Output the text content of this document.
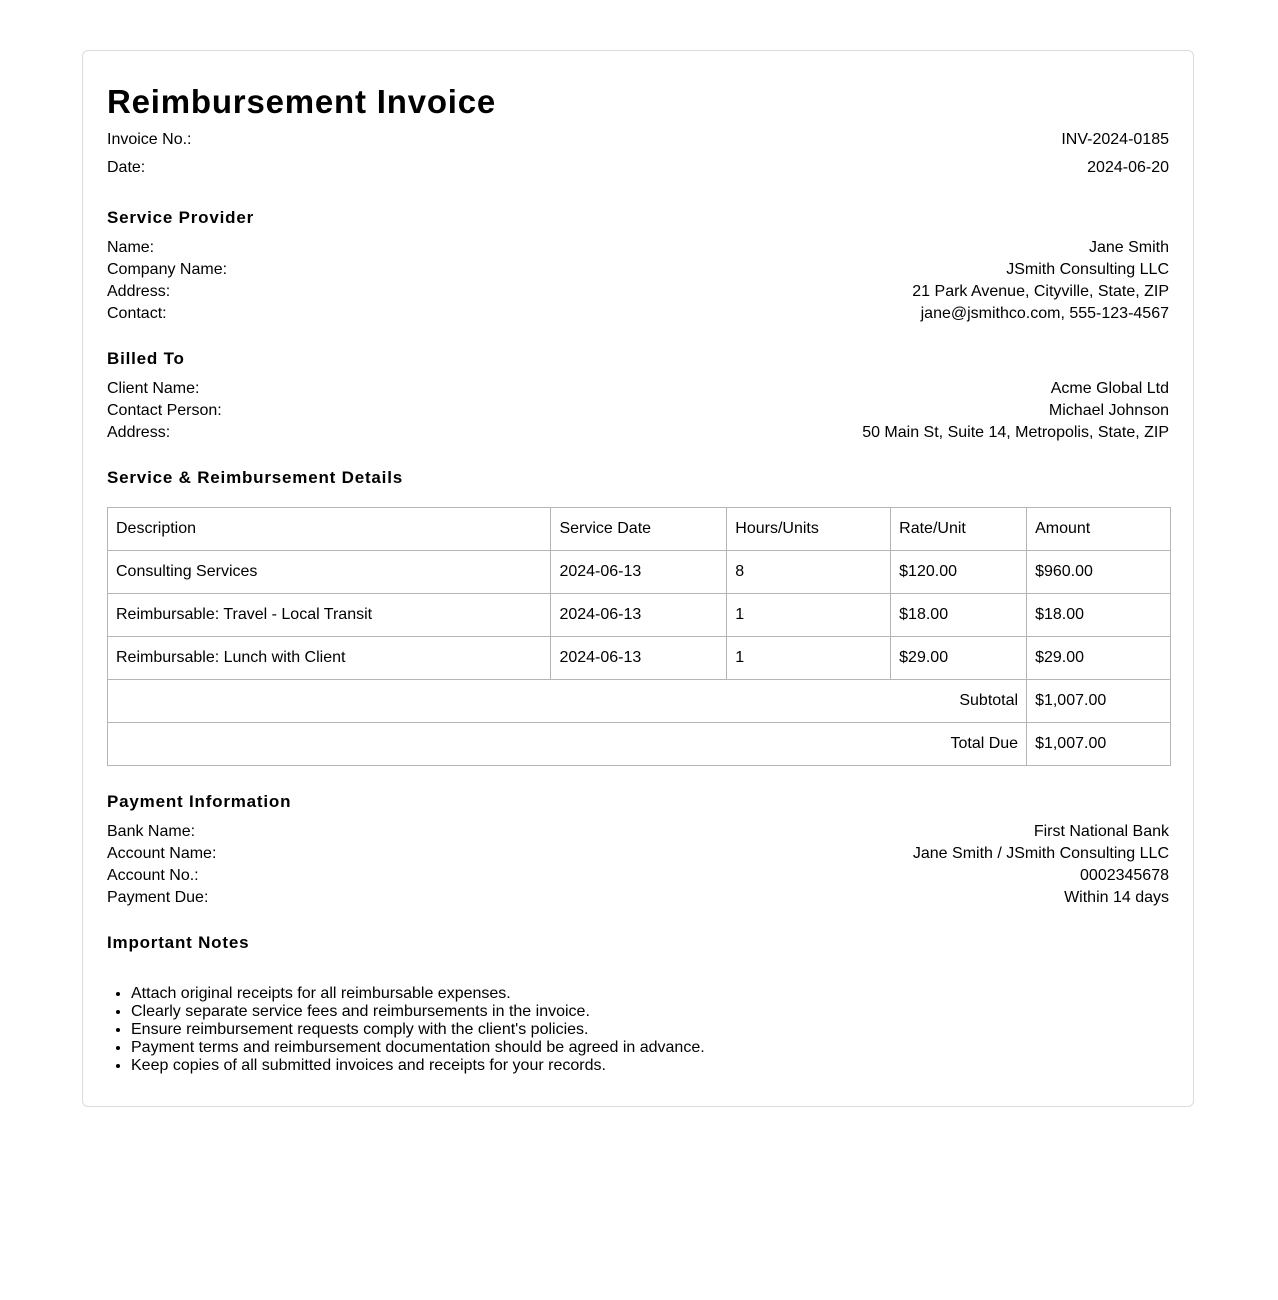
Reimbursement Invoice
Invoice No.:	INV-2024-0185
Date:	2024-06-20
Service Provider
Name:	Jane Smith
Company Name:	JSmith Consulting LLC
Address:	21 Park Avenue, Cityville, State, ZIP
Contact:	jane@jsmithco.com, 555-123-4567
Billed To
Client Name:	Acme Global Ltd
Contact Person:	Michael Johnson
Address:	50 Main St, Suite 14, Metropolis, State, ZIP
Service & Reimbursement Details
Description	Service Date	Hours/Units	Rate/Unit	Amount
Consulting Services	2024-06-13	8	$120.00	$960.00
Reimbursable: Travel - Local Transit	2024-06-13	1	$18.00	$18.00
Reimbursable: Lunch with Client	2024-06-13	1	$29.00	$29.00
Subtotal				$1,007.00
Total Due				$1,007.00
Payment Information
Bank Name:	First National Bank
Account Name:	Jane Smith / JSmith Consulting LLC
Account No.:	0002345678
Payment Due:	Within 14 days
Important Notes
• Attach original receipts for all reimbursable expenses.
• Clearly separate service fees and reimbursements in the invoice.
• Ensure reimbursement requests comply with the client's policies.
• Payment terms and reimbursement documentation should be agreed in advance.
• Keep copies of all submitted invoices and receipts for your records.
